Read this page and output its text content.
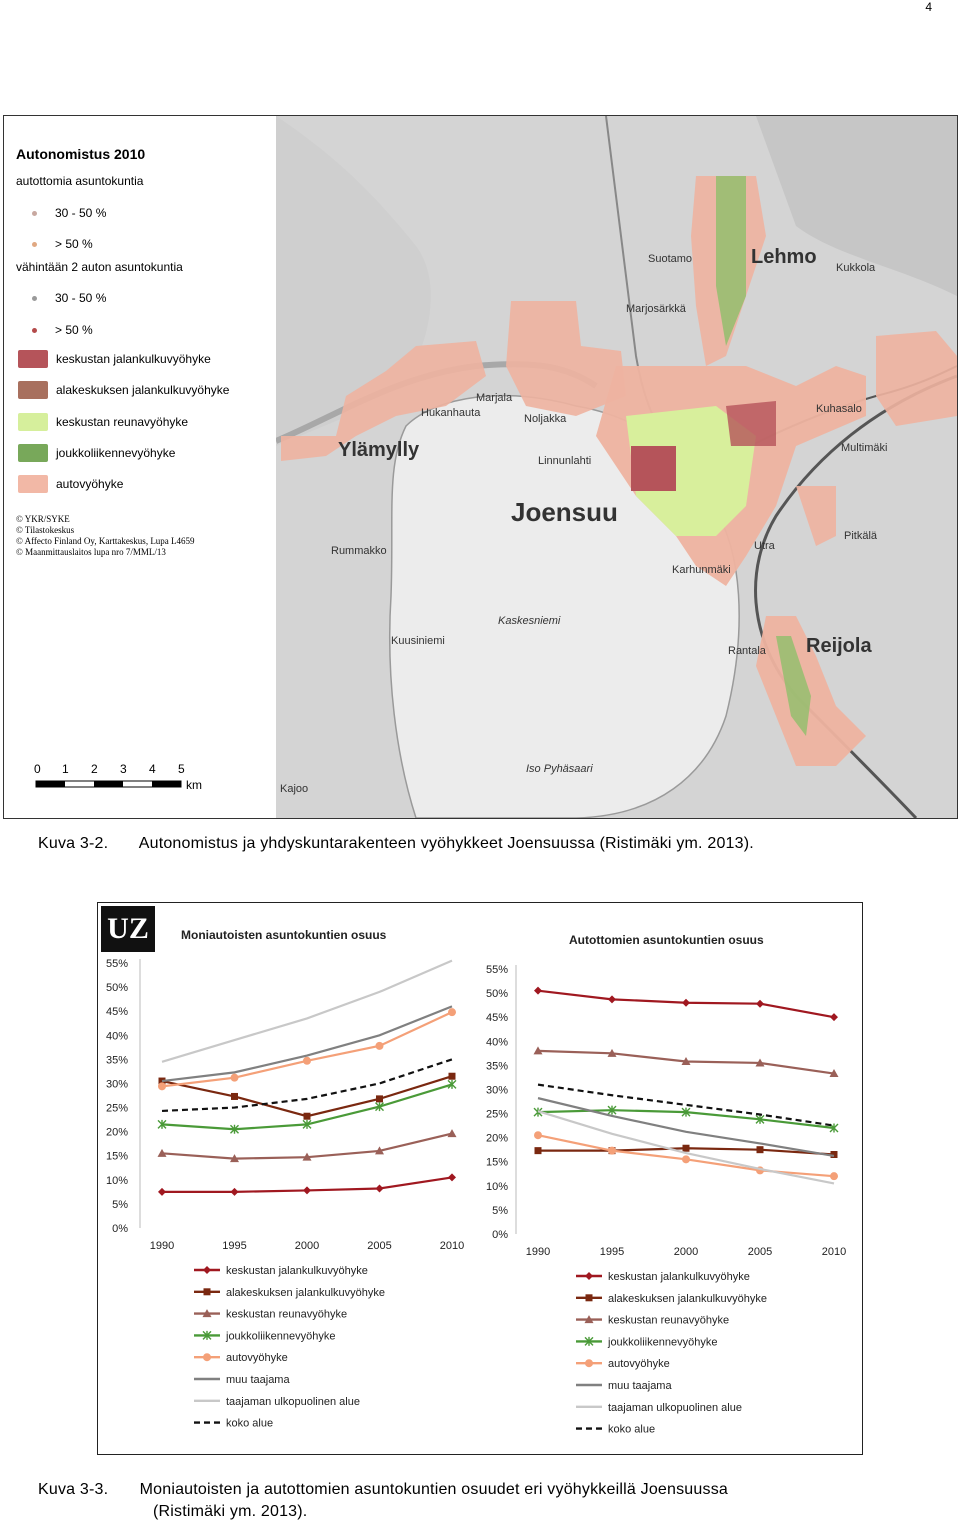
4
Autonomistus 2010
autottomia asuntokuntia
30 - 50 %
> 50 %
vähintään 2 auton asuntokuntia
30 - 50 %
> 50 %
keskustan jalankulkuvyöhyke
alakeskuksen jalankulkuvyöhyke
keskustan reunavyöhyke
joukkoliikennevyöhyke
autovyöhyke
© YKR/SYKE
© Tilastokeskus
© Affecto Finland Oy, Karttakeskus, Lupa L4659
© Maanmittauslaitos lupa nro 7/MML/13
0 1 2 3 4 5
km
Joensuu
Ylämylly
Lehmo
Reijola
Marjala
Linnunlahti
Noljakka
Rantala
Kaskesniemi
Iso Pyhäsaari
Kuusiniemi
Multimäki
Kuhasalo
Karhunmäki
Pitkälä
Utra
Suotamo
Marjosärkkä
Kukkola
Hukanhauta
Rummakko
Kajoo
Kuva 3-2. Autonomistus ja yhdyskuntarakenteen vyöhykkeet Joensuussa (Ristimäki ym. 2013).
UZ	Moniautoisten asuntokuntien osuus	Autottomien asuntokuntien osuus
0%
5%
10%
15%
20%
25%
30%
35%
40%
45%
50%
55%
1990	1995	2000	2005	2010
keskustan jalankulkuvyöhyke
alakeskuksen jalankulkuvyöhyke
keskustan reunavyöhyke
joukkoliikennevyöhyke
autovyöhyke
muu taajama
taajaman ulkopuolinen alue
koko alue
0%
5%
10%
15%
20%
25%
30%
35%
40%
45%
50%
55%
1990	1995	2000	2005	2010
keskustan jalankulkuvyöhyke
alakeskuksen jalankulkuvyöhyke
keskustan reunavyöhyke
joukkoliikennevyöhyke
autovyöhyke
muu taajama
taajaman ulkopuolinen alue
koko alue
Kuva 3-3. Moniautoisten ja autottomien asuntokuntien osuudet eri vyöhykkeillä Joensuussa
(Ristimäki ym. 2013).
